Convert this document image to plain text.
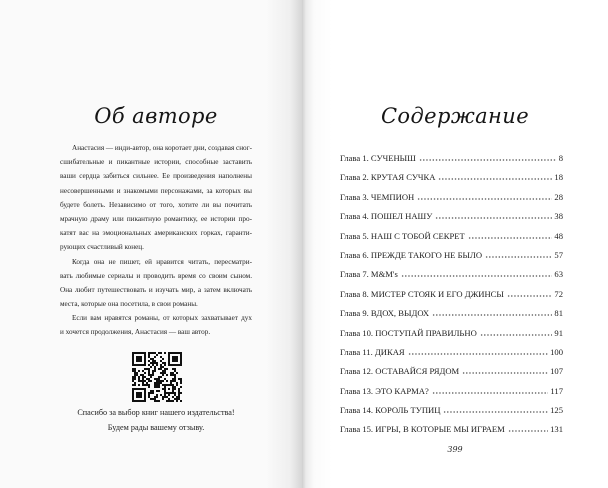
Об авторе
Анастасия — инди-автор, она коротает дни, создавая сног-
сшибательные и пикантные истории, способные заставить
ваши сердца забиться сильнее. Ее произведения наполнены
несовершенными и знакомыми персонажами, за которых вы
будете болеть. Независимо от того, хотите ли вы почитать
мрачную драму или пикантную романтику, ее истории про-
катят вас на эмоциональных американских горках, гаранти-
рующих счастливый конец.
Когда она не пишет, ей нравится читать, пересматри-
вать любимые сериалы и проводить время со своим сыном.
Она любит путешествовать и изучать мир, а затем включать
места, которые она посетила, в свои романы.
Если вам нравятся романы, от которых захватывает дух
и хочется продолжения, Анастасия — ваш автор.
Спасибо за выбор книг нашего издательства!
Будем рады вашему отзыву.
Содержание
Глава 1. СУЧЕНЫШ	8
Глава 2. КРУТАЯ СУЧКА	18
Глава 3. ЧЕМПИОН	28
Глава 4. ПОШЕЛ НАШУ	38
Глава 5. НАШ С ТОБОЙ СЕКРЕТ	48
Глава 6. ПРЕЖДЕ ТАКОГО НЕ БЫЛО	57
Глава 7. M&M's	63
Глава 8. МИСТЕР СТОЯК И ЕГО ДЖИНСЫ	72
Глава 9. ВДОХ, ВЫДОХ	81
Глава 10. ПОСТУПАЙ ПРАВИЛЬНО	91
Глава 11. ДИКАЯ	100
Глава 12. ОСТАВАЙСЯ РЯДОМ	107
Глава 13. ЭТО КАРМА?	117
Глава 14. КОРОЛЬ ТУПИЦ	125
Глава 15. ИГРЫ, В КОТОРЫЕ МЫ ИГРАЕМ	131
399
